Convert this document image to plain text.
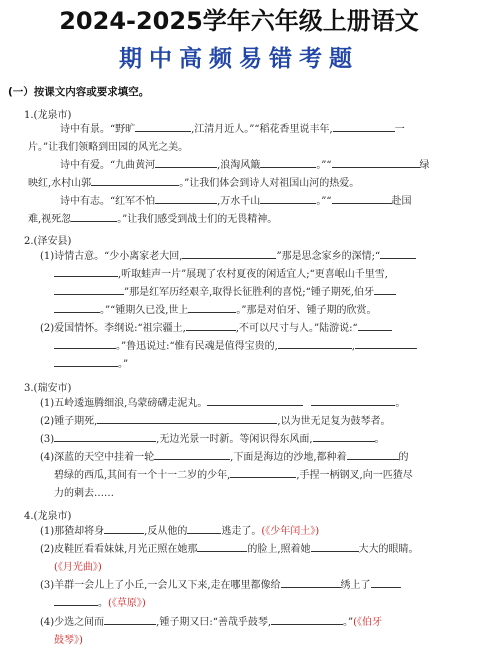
2024-2025学年六年级上册语文
期中高频易错考题
(一）按课文内容或要求填空。
1.(龙泉市)
诗中有景。“野旷	,江清月近人。”“稻花香里说丰年,	一
片。”让我们领略到田园的风光之美。
诗中有爱。“九曲黄河	,浪淘风簸	。”“	绿
映红,水村山郭	。”让我们体会到诗人对祖国山河的热爱。
诗中有志。“红军不怕	,万水千山	。”“	赴国
难,视死忽	。”让我们感受到战士们的无畏精神。
2.(泽安县)
(1)诗情古意。“少小离家老大回,	”那是思念家乡的深情;“
,听取蛙声一片”展现了农村夏夜的闲适宜人;“更喜岷山千里雪,
”那是红军历经艰辛,取得长征胜利的喜悦;“锺子期死,伯牙
。”“锺期久已没,世上	。”那是对伯牙、锺子期的欣赏。
(2)爱国情怀。李纲说:“祖宗疆土,	,不可以尺寸与人。”陆游说:“
。”鲁迅说过:“惟有民魂是值得宝贵的,	,
。”
3.(瑞安市)
(1)五岭逶迤腾细浪,乌蒙磅礴走泥丸。	。
(2)锺子期死,	,以为世无足复为鼓琴者。
(3)	,无边光景一时新。等闲识得东风面,	。
(4)深蓝的天空中挂着一轮	,下面是海边的沙地,都种着	的
碧绿的西瓜,其间有一个十一二岁的少年,	,手捏一柄钢叉,向一匹猹尽
力的刺去……
4.(龙泉市)
(1)那猹却将身	,反从他的	逃走了。(《少年闰土》)
(2)皮鞋匠看看妹妹,月光正照在她那	的脸上,照着她	大大的眼睛。
(《月光曲》)
(3)羊群一会儿上了小丘,一会儿又下来,走在哪里都像给	绣上了
。(《草原》)
(4)少选之间而	,锺子期又曰:“善哉乎鼓琴,	。”(《伯牙
鼓琴》)
